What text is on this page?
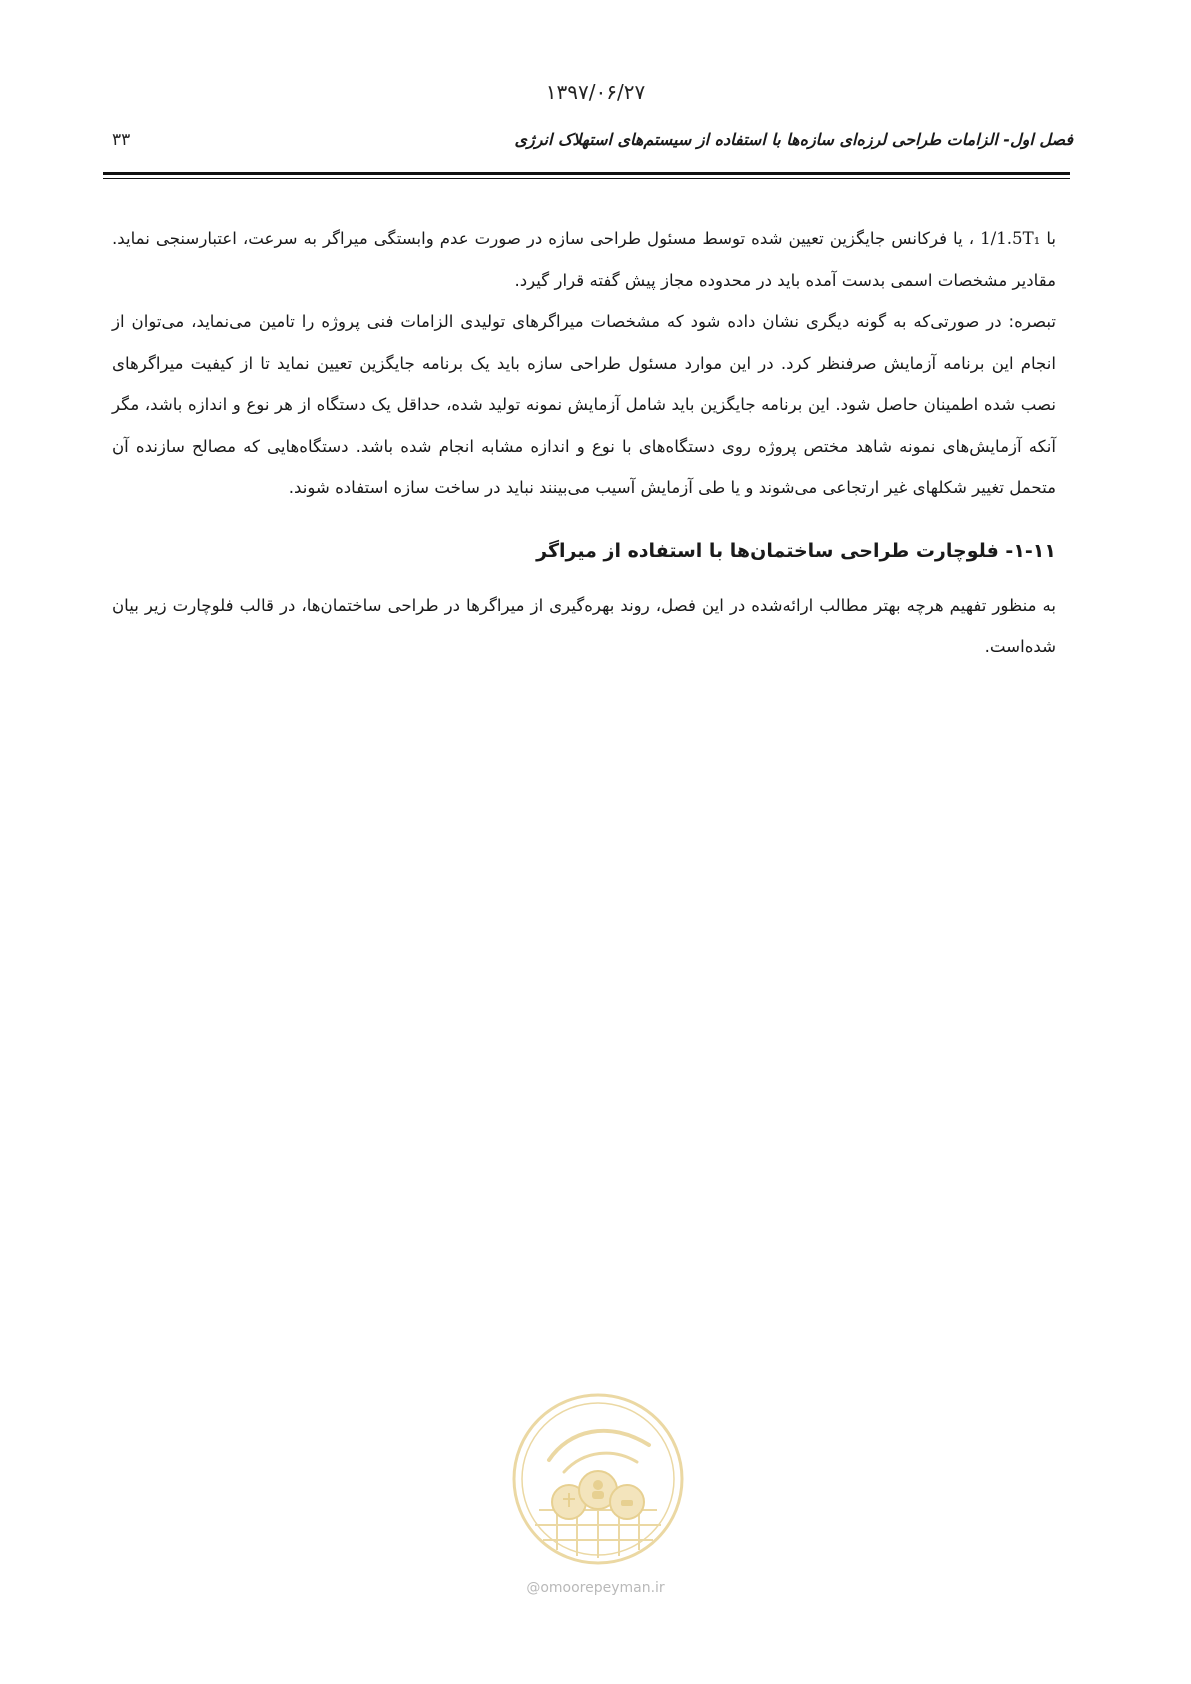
۱۳۹۷/۰۶/۲۷
فصل اول- الزامات طراحی لرزه‌ای سازه‌ها با استفاده از سیستم‌های استهلاک انرژی
۳۳

با 1/1.5T₁ ، یا فرکانس جایگزین تعیین شده توسط مسئول طراحی سازه در صورت عدم وابستگی میراگر به سرعت، اعتبارسنجی نماید. مقادیر مشخصات اسمی بدست آمده باید در محدوده مجاز پیش گفته قرار گیرد.

تبصره: در صورتی‌که به گونه دیگری نشان داده شود که مشخصات میراگرهای تولیدی الزامات فنی پروژه را تامین می‌نماید، می‌توان از انجام این برنامه آزمایش صرفنظر کرد. در این موارد مسئول طراحی سازه باید یک برنامه جایگزین تعیین نماید تا از کیفیت میراگرهای نصب شده اطمینان حاصل شود. این برنامه جایگزین باید شامل آزمایش نمونه تولید شده، حداقل یک دستگاه از هر نوع و اندازه باشد، مگر آنکه آزمایش‌های نمونه شاهد مختص پروژه روی دستگاه‌های با نوع و اندازه مشابه انجام شده باشد. دستگاه‌هایی که مصالح سازنده آن متحمل تغییر شکلهای غیر ارتجاعی می‌شوند و یا طی آزمایش آسیب می‌بینند نباید در ساخت سازه استفاده شوند.

۱-۱۱- فلوچارت طراحی ساختمان‌ها با استفاده از میراگر

به منظور تفهیم هرچه بهتر مطالب ارائه‌شده در این فصل، روند بهره‌گیری از میراگرها در طراحی ساختمان‌ها، در قالب فلوچارت زیر بیان شده‌است.

@omoorepeyman.ir
